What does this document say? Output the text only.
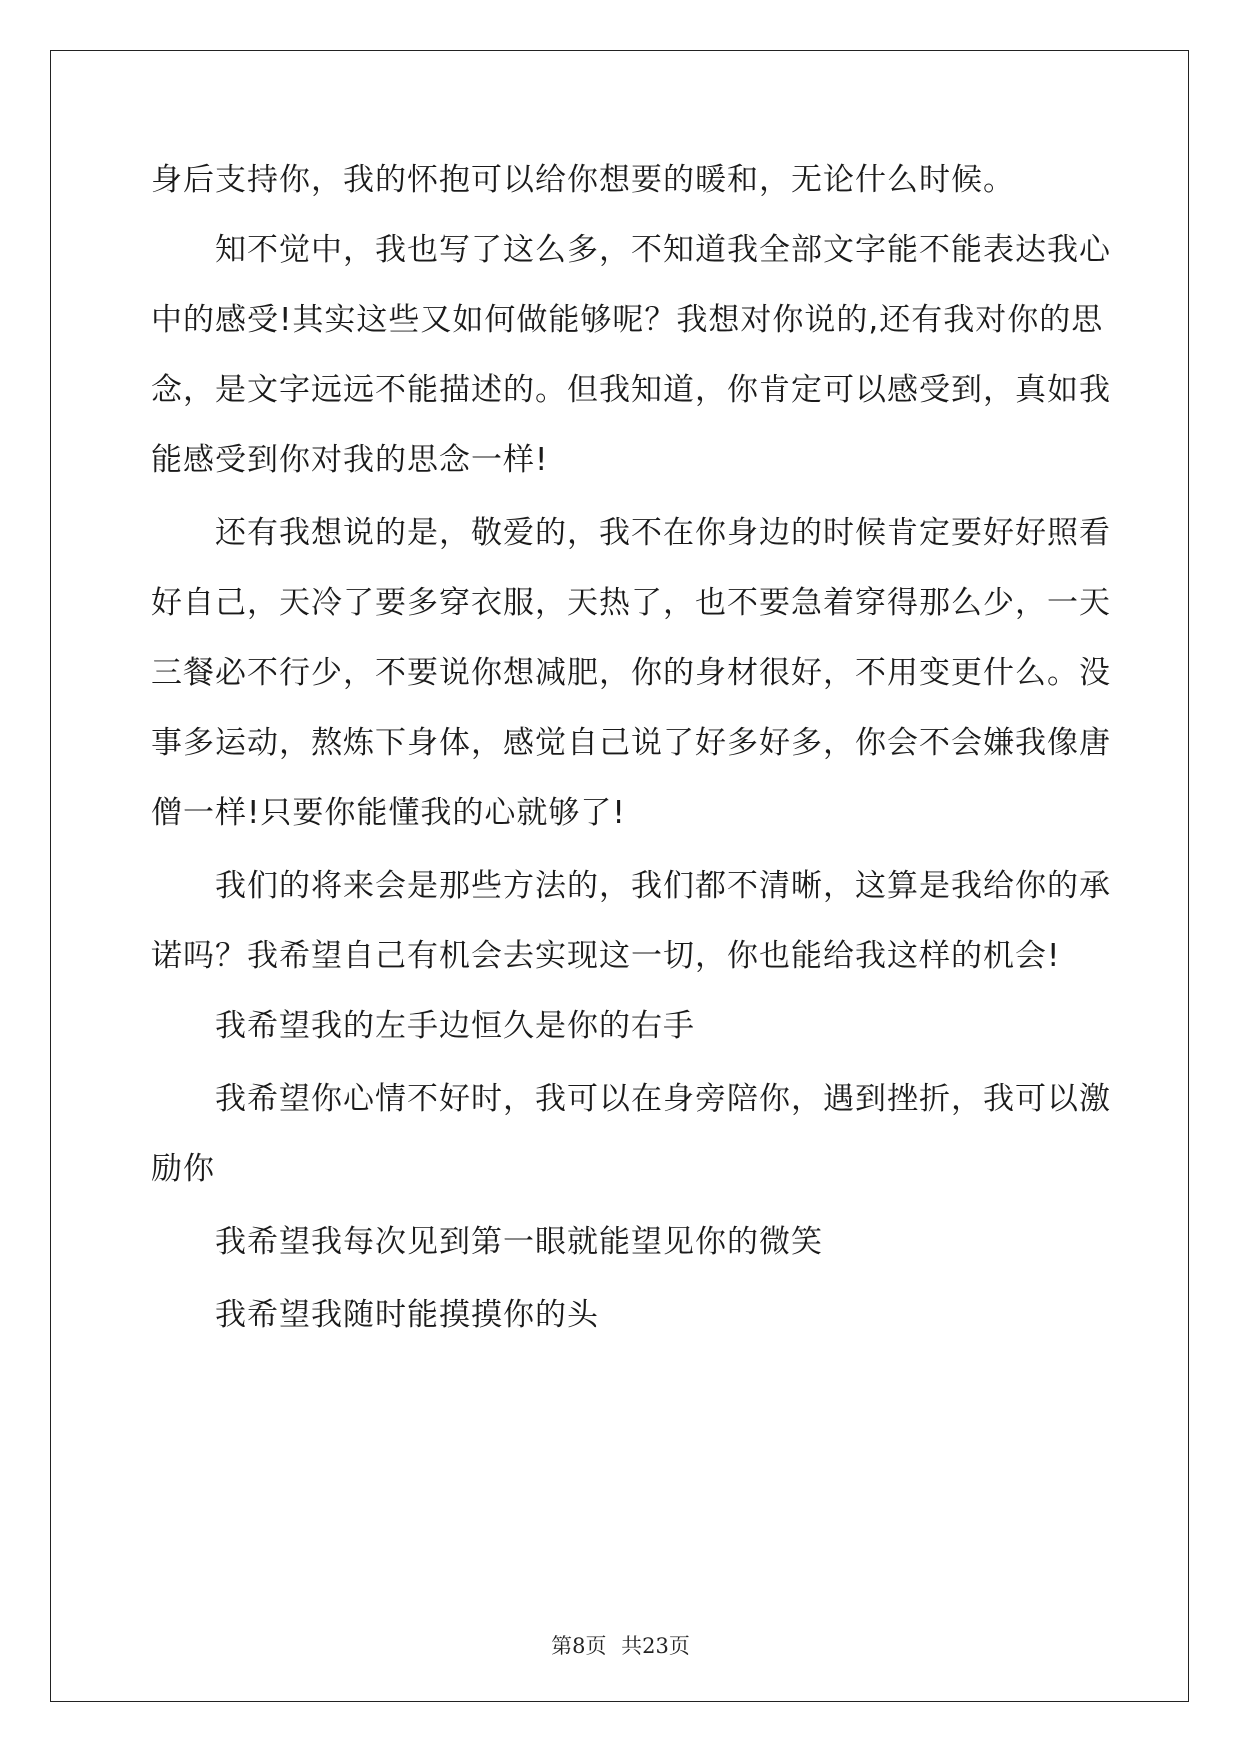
身后支持你，我的怀抱可以给你想要的暖和，无论什么时候。
知不觉中，我也写了这么多，不知道我全部文字能不能表达我心
中的感受!其实这些又如何做能够呢？我想对你说的,还有我对你的思
念，是文字远远不能描述的。但我知道，你肯定可以感受到，真如我
能感受到你对我的思念一样!
还有我想说的是，敬爱的，我不在你身边的时候肯定要好好照看
好自己，天冷了要多穿衣服，天热了，也不要急着穿得那么少，一天
三餐必不行少，不要说你想减肥，你的身材很好，不用变更什么。没
事多运动，熬炼下身体，感觉自己说了好多好多，你会不会嫌我像唐
僧一样!只要你能懂我的心就够了!
我们的将来会是那些方法的，我们都不清晰，这算是我给你的承
诺吗？我希望自己有机会去实现这一切，你也能给我这样的机会!
我希望我的左手边恒久是你的右手
我希望你心情不好时，我可以在身旁陪你，遇到挫折，我可以激
励你
我希望我每次见到第一眼就能望见你的微笑
我希望我随时能摸摸你的头
第8页 共23页
